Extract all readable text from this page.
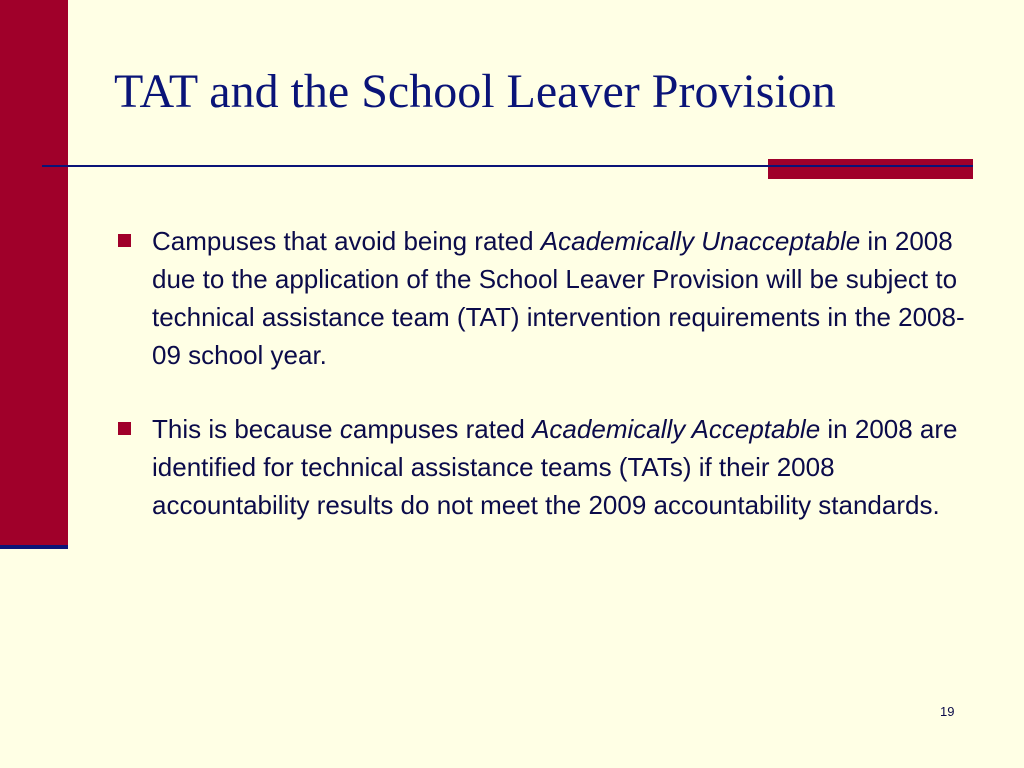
TAT and the School Leaver Provision
Campuses that avoid being rated Academically Unacceptable in 2008 due to the application of the School Leaver Provision will be subject to technical assistance team (TAT) intervention requirements in the 2008-09 school year.
This is because campuses rated Academically Acceptable in 2008 are identified for technical assistance teams (TATs) if their 2008 accountability results do not meet the 2009 accountability standards.
19
